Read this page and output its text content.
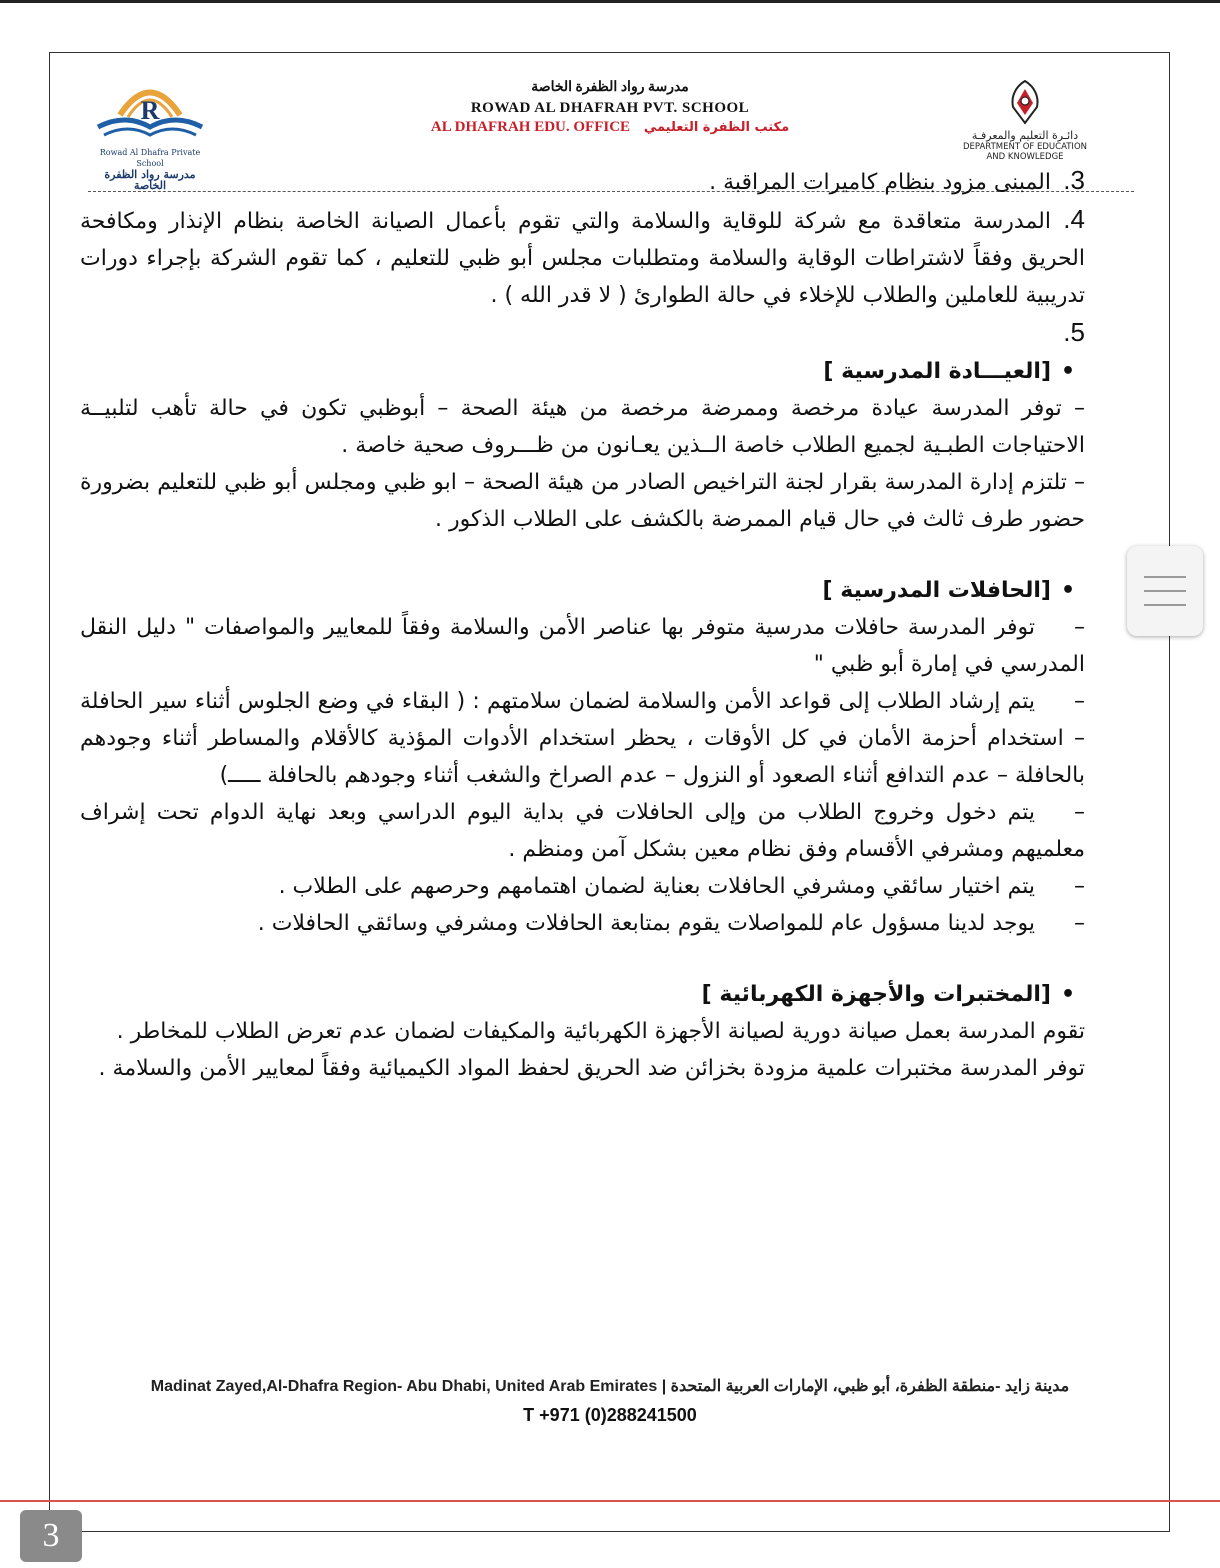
R
Rowad Al Dhafra Private School
مدرسة رواد الظفرة الخاصة
مدرسة رواد الظفرة الخاصة
ROWAD AL DHAFRAH PVT. SCHOOL
AL DHAFRAH EDU. OFFICE مكتب الظفرة التعليمي
دائـرة التعليم والمعرفـة
DEPARTMENT OF EDUCATION
AND KNOWLEDGE
Madinat Zayed,Al-Dhafra Region- Abu Dhabi, United Arab Emirates | مدينة زايد -منطقة الظفرة، أبو ظبي، الإمارات العربية المتحدة
T +971 (0)288241500

3.المبنى مزود بنظام كاميرات المراقبة .

4.المدرسة متعاقدة مع شركة للوقاية والسلامة والتي تقوم بأعمال الصيانة الخاصة بنظام الإنذار ومكافحة الحريق وفقاً لاشتراطات الوقاية والسلامة ومتطلبات مجلس أبو ظبي للتعليم ، كما تقوم الشركة بإجراء دورات تدريبية للعاملين والطلاب للإخلاء في حالة الطوارئ ( لا قدر الله ) .

5.

•[العيـــادة المدرسية ]

– توفر المدرسة عيادة مرخصة وممرضة مرخصة من هيئة الصحة – أبوظبي تكون في حالة تأهب لتلبيــة الاحتياجات الطبـية لجميع الطلاب خاصة الــذين يعـانون من ظـــروف صحية خاصة .

– تلتزم إدارة المدرسة بقرار لجنة التراخيص الصادر من هيئة الصحة – ابو ظبي ومجلس أبو ظبي للتعليم بضرورة حضور طرف ثالث في حال قيام الممرضة بالكشف على الطلاب الذكور .

•[الحافلات المدرسية ]

–توفر المدرسة حافلات مدرسية متوفر بها عناصر الأمن والسلامة وفقاً للمعايير والمواصفات " دليل النقل المدرسي في إمارة أبو ظبي "

–يتم إرشاد الطلاب إلى قواعد الأمن والسلامة لضمان سلامتهم : ( البقاء في وضع الجلوس أثناء سير الحافلة – استخدام أحزمة الأمان في كل الأوقات ، يحظر استخدام الأدوات المؤذية كالأقلام والمساطر أثناء وجودهم بالحافلة – عدم التدافع أثناء الصعود أو النزول – عدم الصراخ والشغب أثناء وجودهم بالحافلة ـــــ)

–يتم دخول وخروج الطلاب من وإلى الحافلات في بداية اليوم الدراسي وبعد نهاية الدوام تحت إشراف معلميهم ومشرفي الأقسام وفق نظام معين بشكل آمن ومنظم .

–يتم اختيار سائقي ومشرفي الحافلات بعناية لضمان اهتمامهم وحرصهم على الطلاب .

–يوجد لدينا مسؤول عام للمواصلات يقوم بمتابعة الحافلات ومشرفي وسائقي الحافلات .

•[المختبرات والأجهزة الكهربائية ]

تقوم المدرسة بعمل صيانة دورية لصيانة الأجهزة الكهربائية والمكيفات لضمان عدم تعرض الطلاب للمخاطر .

توفر المدرسة مختبرات علمية مزودة بخزائن ضد الحريق لحفظ المواد الكيميائية وفقاً لمعايير الأمن والسلامة .

3
